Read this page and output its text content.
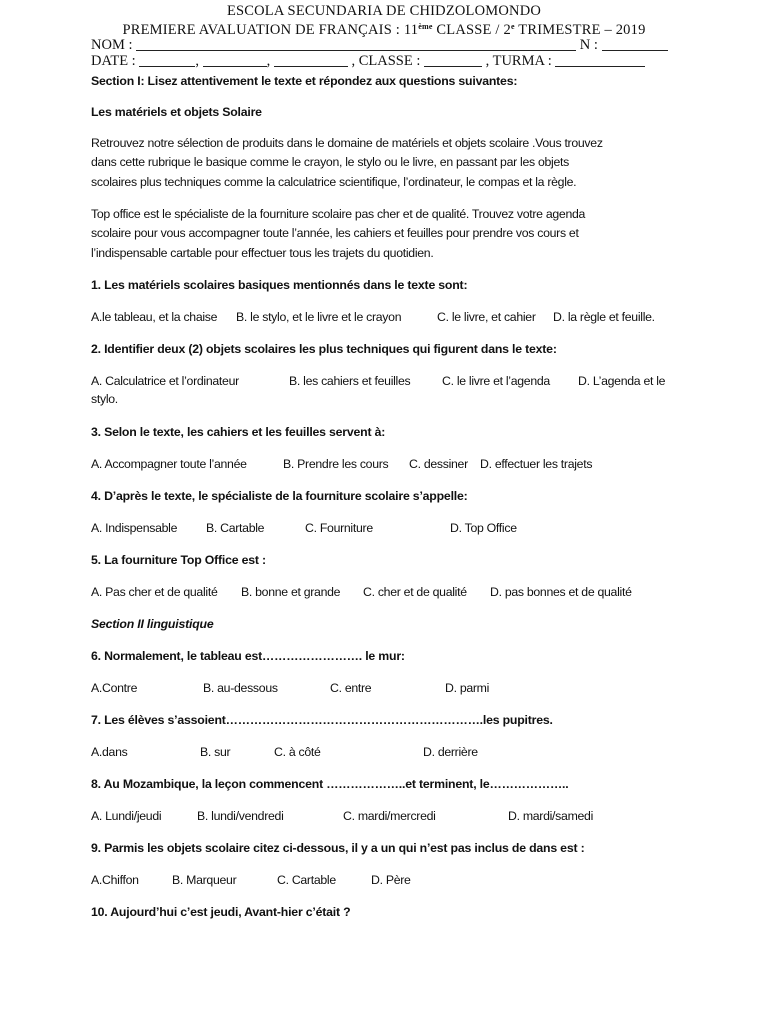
ESCOLA SECUNDARIA DE CHIDZOLOMONDO
PREMIERE AVALUATION DE FRANÇAIS : 11ème CLASSE / 2e TRIMESTRE – 2019
NOM :	N :
DATE :	,	,	, CLASSE :	, TURMA :
Section I: Lisez attentivement le texte et répondez aux questions suivantes:
Les matériels et objets Solaire
Retrouvez notre sélection de produits dans le domaine de matériels et objets scolaire .Vous trouvez
dans cette rubrique le basique comme le crayon, le stylo ou le livre, en passant par les objets
scolaires plus techniques comme la calculatrice scientifique, l’ordinateur, le compas et la règle.
Top office est le spécialiste de la fourniture scolaire pas cher et de qualité. Trouvez votre agenda
scolaire pour vous accompagner toute l’année, les cahiers et feuilles pour prendre vos cours et
l’indispensable cartable pour effectuer tous les trajets du quotidien.
1. Les matériels scolaires basiques mentionnés dans le texte sont:
A.le tableau, et la chaise B. le stylo, et le livre et le crayon	C. le livre, et cahier D. la règle et feuille.
2. Identifier deux (2) objets scolaires les plus techniques qui figurent dans le texte:
A. Calculatrice et l’ordinateur	B. les cahiers et feuilles	C. le livre et l’agenda D. L’agenda et le
stylo.
3. Selon le texte, les cahiers et les feuilles servent à:
A. Accompagner toute l’année	B. Prendre les cours C. dessiner D. effectuer les trajets
4. D’après le texte, le spécialiste de la fourniture scolaire s’appelle:
A. Indispensable B. Cartable	C. Fourniture	D. Top Office
5. La fourniture Top Office est :
A. Pas cher et de qualité B. bonne et grande C. cher et de qualité D. pas bonnes et de qualité
Section II linguistique
6. Normalement, le tableau est……………………. le mur:
A.Contre	B. au-dessous	C. entre	D. parmi
7. Les élèves s’assoient……………………………………………………….les pupitres.
A.dans	B. sur	C. à côté	D. derrière
8. Au Mozambique, la leçon commencent ………………..et terminent, le………………..
A. Lundi/jeudi	B. lundi/vendredi	C. mardi/mercredi	D. mardi/samedi
9. Parmis les objets scolaire citez ci-dessous, il y a un qui n’est pas inclus de dans est :
A.Chiffon	B. Marqueur	C. Cartable	D. Père
10. Aujourd’hui c’est jeudi, Avant-hier c’était ?
